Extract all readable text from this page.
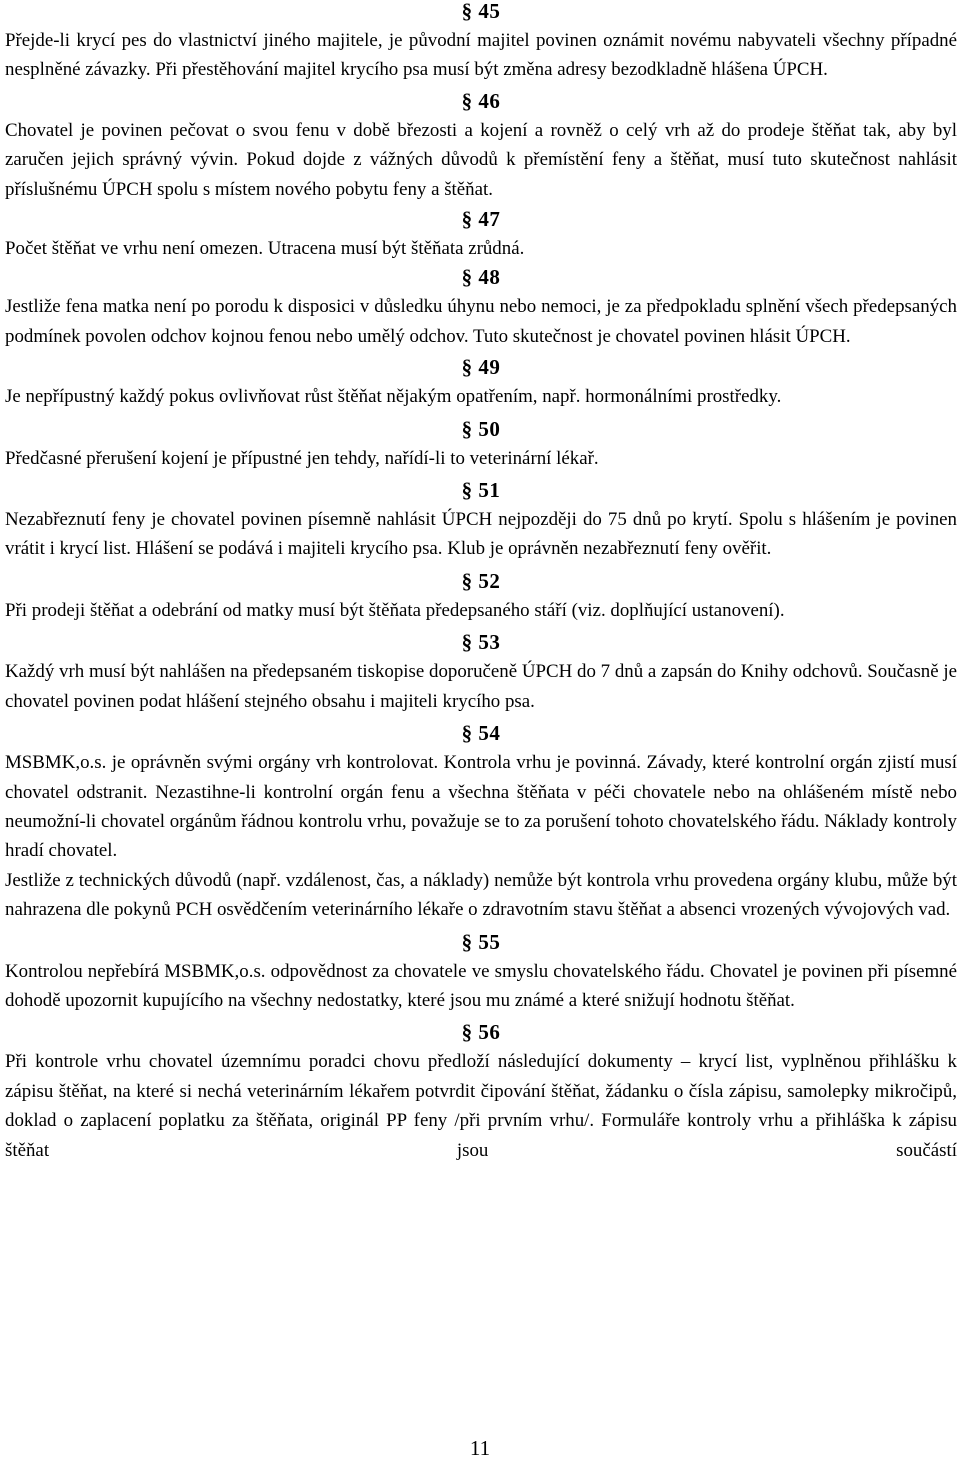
§ 45

Přejde-li krycí pes do vlastnictví jiného majitele, je původní majitel povinen oznámit novému nabyvateli všechny případné nesplněné závazky. Při přestěhování majitel krycího psa musí být změna adresy bezodkladně hlášena ÚPCH.

§ 46

Chovatel je povinen pečovat o svou fenu v době březosti a kojení a rovněž o celý vrh až do prodeje štěňat tak, aby byl zaručen jejich správný vývin. Pokud dojde z vážných důvodů k přemístění feny a štěňat, musí tuto skutečnost nahlásit příslušnému ÚPCH spolu s místem nového pobytu feny a štěňat.

§ 47

Počet štěňat ve vrhu není omezen. Utracena musí být štěňata zrůdná.

§ 48

Jestliže fena matka není po porodu k disposici v důsledku úhynu nebo nemoci, je za předpokladu splnění všech předepsaných podmínek povolen odchov kojnou fenou nebo umělý odchov. Tuto skutečnost je chovatel povinen hlásit ÚPCH.

§ 49

Je nepřípustný každý pokus ovlivňovat růst štěňat nějakým opatřením, např. hormonálními prostředky.

§ 50

Předčasné přerušení kojení je přípustné jen tehdy, nařídí-li to veterinární lékař.

§ 51

Nezabřeznutí feny je chovatel povinen písemně nahlásit ÚPCH nejpozději do 75 dnů po krytí. Spolu s hlášením je povinen vrátit i krycí list. Hlášení se podává i majiteli krycího psa. Klub je oprávněn nezabřeznutí feny ověřit.

§ 52

Při prodeji štěňat a odebrání od matky musí být štěňata předepsaného stáří (viz. doplňující ustanovení).

§ 53

Každý vrh musí být nahlášen na předepsaném tiskopise doporučeně ÚPCH do 7 dnů a zapsán do Knihy odchovů. Současně je chovatel povinen podat hlášení stejného obsahu i majiteli krycího psa.

§ 54

MSBMK,o.s. je oprávněn svými orgány vrh kontrolovat. Kontrola vrhu je povinná. Závady, které kontrolní orgán zjistí musí chovatel odstranit. Nezastihne-li kontrolní orgán fenu a všechna štěňata v péči chovatele nebo na ohlášeném místě nebo neumožní-li chovatel orgánům řádnou kontrolu vrhu, považuje se to za porušení tohoto chovatelského řádu. Náklady kontroly hradí chovatel.

Jestliže z technických důvodů (např. vzdálenost, čas, a náklady) nemůže být kontrola vrhu provedena orgány klubu, může být nahrazena dle pokynů PCH osvědčením veterinárního lékaře o zdravotním stavu štěňat a absenci vrozených vývojových vad.

§ 55

Kontrolou nepřebírá MSBMK,o.s. odpovědnost za chovatele ve smyslu chovatelského řádu. Chovatel je povinen při písemné dohodě upozornit kupujícího na všechny nedostatky, které jsou mu známé a které snižují hodnotu štěňat.

§ 56

Při kontrole vrhu chovatel územnímu poradci chovu předloží následující dokumenty – krycí list, vyplněnou přihlášku k zápisu štěňat, na které si nechá veterinárním lékařem potvrdit čipování štěňat, žádanku o čísla zápisu, samolepky mikročipů, doklad o zaplacení poplatku za štěňata, originál PP feny /při prvním vrhu/. Formuláře kontroly vrhu a přihláška k zápisu štěňat jsou součástí

11
